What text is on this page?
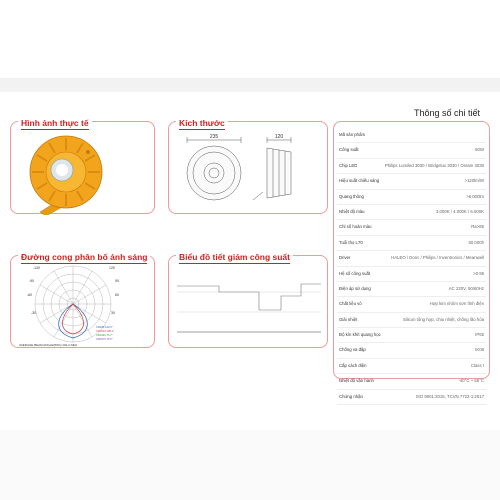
Hình ảnh thực tế	Kích thước
235	120
Đường cong phân bố ánh sáng
-120
-90
-60
-30	30
60
90
120
C0/180 143.3°
C30/210 138.1°
C60/240 75.7°
C90/270 75.0°
AVERAGE BEAM ANGLE(50%):102.2 DEG
Biểu đồ tiết giảm công suất
Thông số chi tiết
Mã sản phẩm
Công suất	50W
Chip LED	Philips Lumiled 3030 / Bridgelux 3030 / Osram 3030
Hiệu suất chiếu sáng	>120lm/W
Quang thông	>6.000lm
Nhiệt độ màu	3.000K / 4.000K / 6.500K
Chỉ số hoàn màu	Ra>85
Tuổi thọ L70	50.000h
Driver	HALEO / Donc / Philips / Inventronics / Meanwell
Hệ số công suất	>0.95
Điện áp sử dụng	AC 220V, 50/60Hz
Chất liệu vỏ	Hợp kim nhôm sơn tĩnh điện
Giải nhiệt	Silicon tổng hợp, chịu nhiệt, chống lão hóa
Độ kín khít quang học	IP65
Chống va đập	IK08
Cấp cách điện	Class I
Nhiệt độ vận hành	-40°C ~ 55°C
Chứng nhận	ISO 9001:2015, TCVN 7722-1:2017
